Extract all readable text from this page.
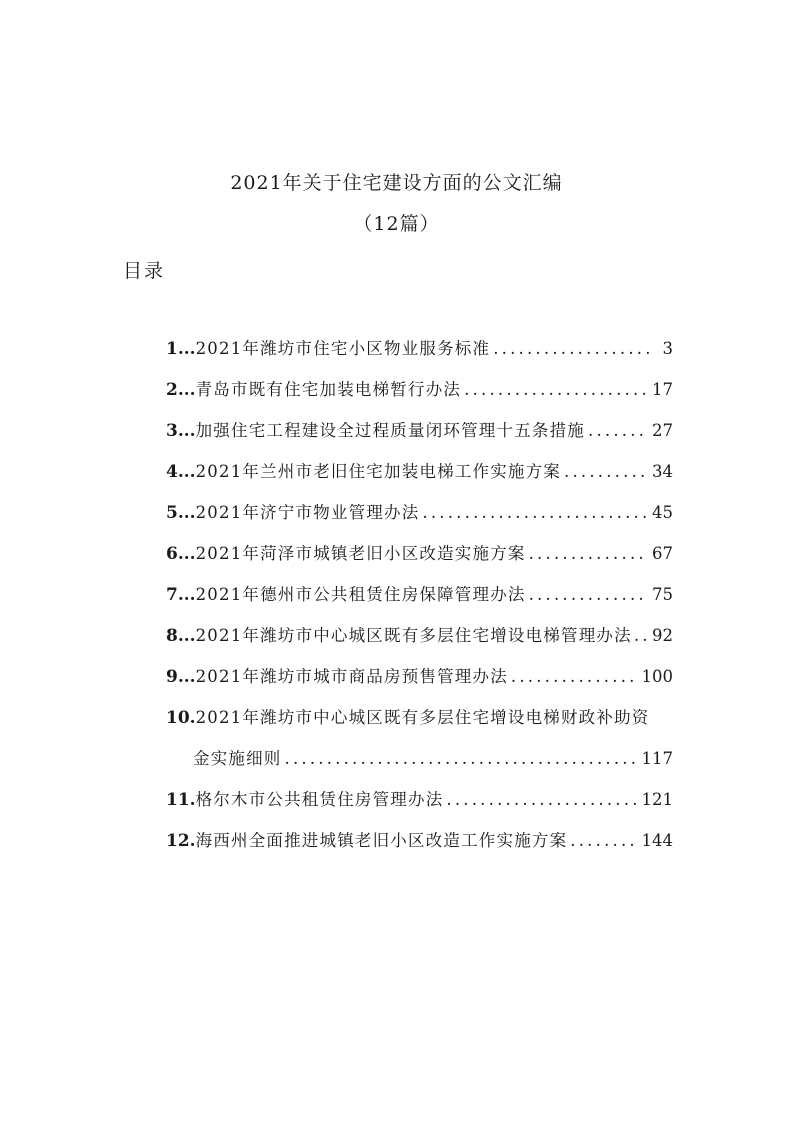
2021年关于住宅建设方面的公文汇编
（12篇）
目录
1 ... 2021年潍坊市住宅小区物业服务标准 .....	3
2 ... 青岛市既有住宅加装电梯暂行办法 .....	17
3 ... 加强住宅工程建设全过程质量闭环管理十五条措施 .....	27
4 ... 2021年兰州市老旧住宅加装电梯工作实施方案 .....	34
5 ... 2021年济宁市物业管理办法 .....	45
6 ... 2021年菏泽市城镇老旧小区改造实施方案 .....	67
7 ... 2021年德州市公共租赁住房保障管理办法 .....	75
8 ... 2021年潍坊市中心城区既有多层住宅增设电梯管理办法 ..... 92
9 ... 2021年潍坊市城市商品房预售管理办法 .....	100
10 . 2021年潍坊市中心城区既有多层住宅增设电梯财政补助资
金实施细则 .....	117
11 . 格尔木市公共租赁住房管理办法 .....	121
12 . 海西州全面推进城镇老旧小区改造工作实施方案 .....	144
